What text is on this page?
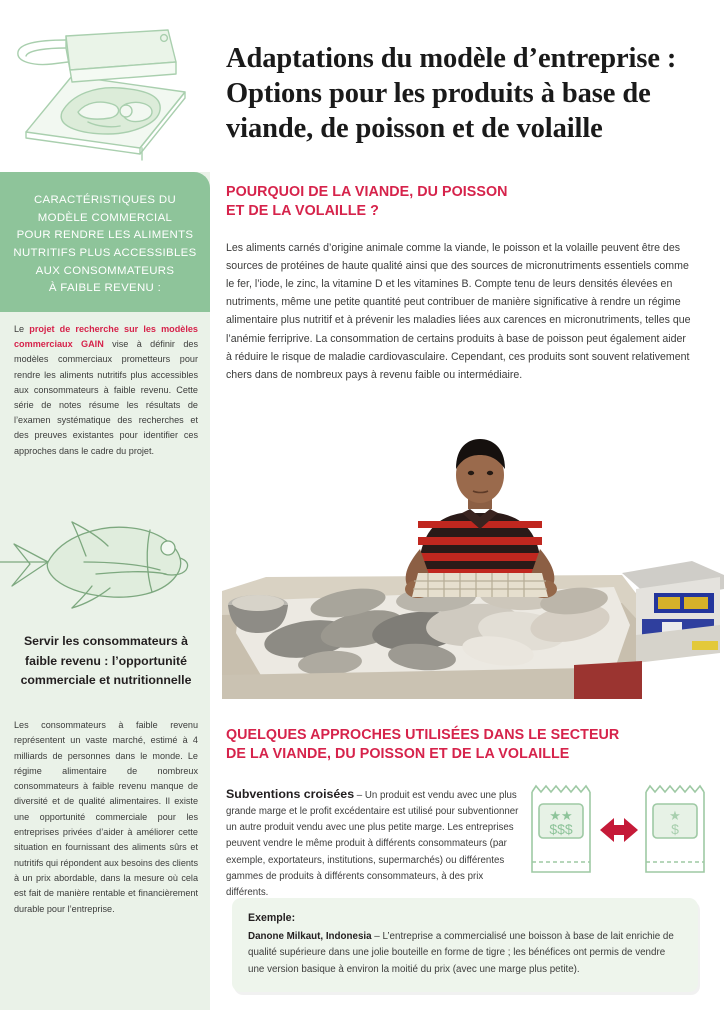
CARACTÉRISTIQUES DU
MODÈLE COMMERCIAL
POUR RENDRE LES ALIMENTS
NUTRITIFS PLUS ACCESSIBLES
AUX CONSOMMATEURS
À FAIBLE REVENU :
Le projet de recherche sur les modèles commerciaux GAIN vise à définir des modèles commerciaux prometteurs pour rendre les aliments nutritifs plus accessibles aux consommateurs à faible revenu. Cette série de notes résume les résultats de l’examen systématique des recherches et des preuves existantes pour identifier ces approches dans le cadre du projet.
Servir les consommateurs à faible revenu : l’opportunité commerciale et nutritionnelle
Les consommateurs à faible revenu représentent un vaste marché, estimé à 4 milliards de personnes dans le monde. Le régime alimentaire de nombreux consommateurs à faible revenu manque de diversité et de qualité alimentaires. Il existe une opportunité commerciale pour les entreprises privées d’aider à améliorer cette situation en fournissant des aliments sûrs et nutritifs qui répondent aux besoins des clients à un prix abordable, dans la mesure où cela est fait de manière rentable et financièrement durable pour l’entreprise.
Adaptations du modèle d’entreprise : Options pour les produits à base de viande, de poisson et de volaille
POURQUOI DE LA VIANDE, DU POISSON
ET DE LA VOLAILLE ?

Les aliments carnés d’origine animale comme la viande, le poisson et la volaille peuvent être des sources de protéines de haute qualité ainsi que des sources de micronutriments essentiels comme le fer, l’iode, le zinc, la vitamine D et les vitamines B. Compte tenu de leurs densités élevées en nutriments, même une petite quantité peut contribuer de manière significative à rendre un régime alimentaire plus nutritif et à prévenir les maladies liées aux carences en micronutriments, telles que l’anémie ferriprive. La consommation de certains produits à base de poisson peut également aider à réduire le risque de maladie cardiovasculaire. Cependant, ces produits sont souvent relativement chers dans de nombreux pays à revenu faible ou intermédiaire.

QUELQUES APPROCHES UTILISÉES DANS LE SECTEUR
DE LA VIANDE, DU POISSON ET DE LA VOLAILLE

Subventions croisées – Un produit est vendu avec une plus grande marge et le profit excédentaire est utilisé pour subventionner un autre produit vendu avec une plus petite marge. Les entreprises peuvent vendre le même produit à différents consommateurs (par exemple, exportateurs, institutions, supermarchés) ou différentes gammes de produits à différents consommateurs, à des prix différents.

★★
$$$
★
$
Exemple:
Danone Milkaut, Indonesia – L’entreprise a commercialisé une boisson à base de lait enrichie de qualité supérieure dans une jolie bouteille en forme de tigre ; les bénéfices ont permis de vendre une version basique à environ la moitié du prix (avec une marge plus petite).
